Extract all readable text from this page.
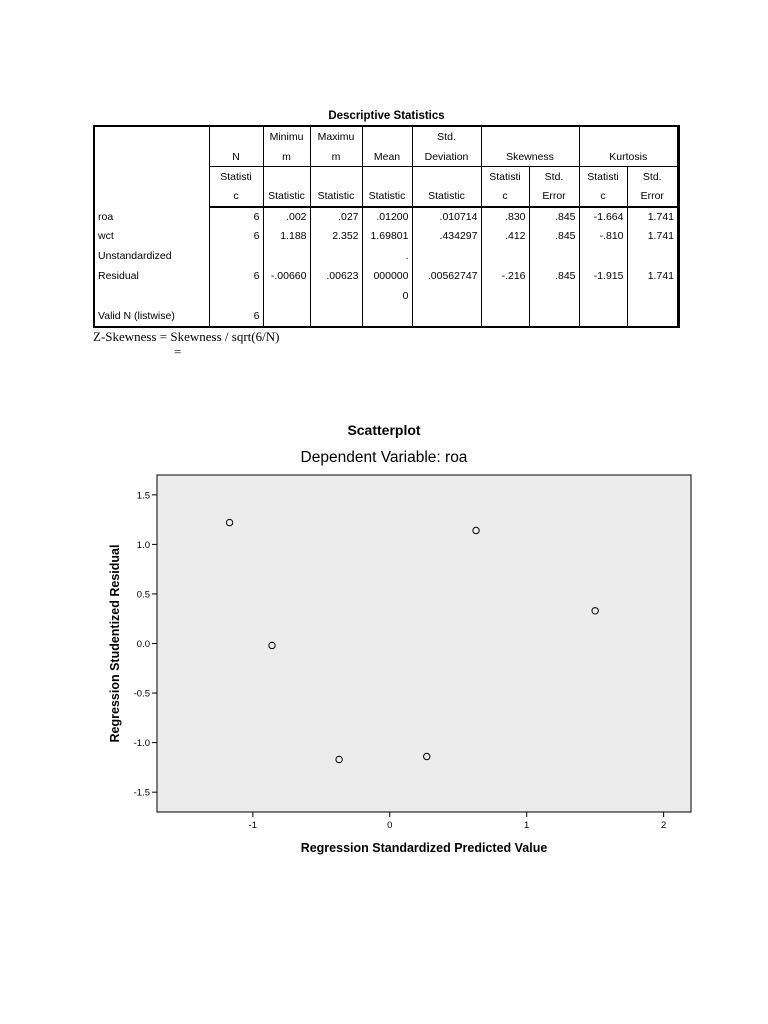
Descriptive Statistics
		Minimu	Maximu		Std.				
	N	m	m	Mean	Deviation	Skewness		Kurtosis	
	Statisti					Statisti	Std.	Statisti	Std.
	c	Statistic	Statistic	Statistic	Statistic	c	Error	c	Error
roa	6	.002	.027	.01200	.010714	.830	.845	-1.664	1.741
wct	6	1.188	2.352	1.69801	.434297	.412	.845	-.810	1.741
Unstandardized				.					
Residual	6	-.00660	.00623	000000	.00562747	-.216	.845	-1.915	1.741
				0					
Valid N (listwise)	6								
Z-Skewness = Skewness / sqrt(6/N)
=
Scatterplot
Dependent Variable: roa
1.5
1.0
0.5
0.0
-0.5
-1.0
-1.5
-1	0	1	2
Regression Standardized Predicted Value
Regression Studentized Residual
